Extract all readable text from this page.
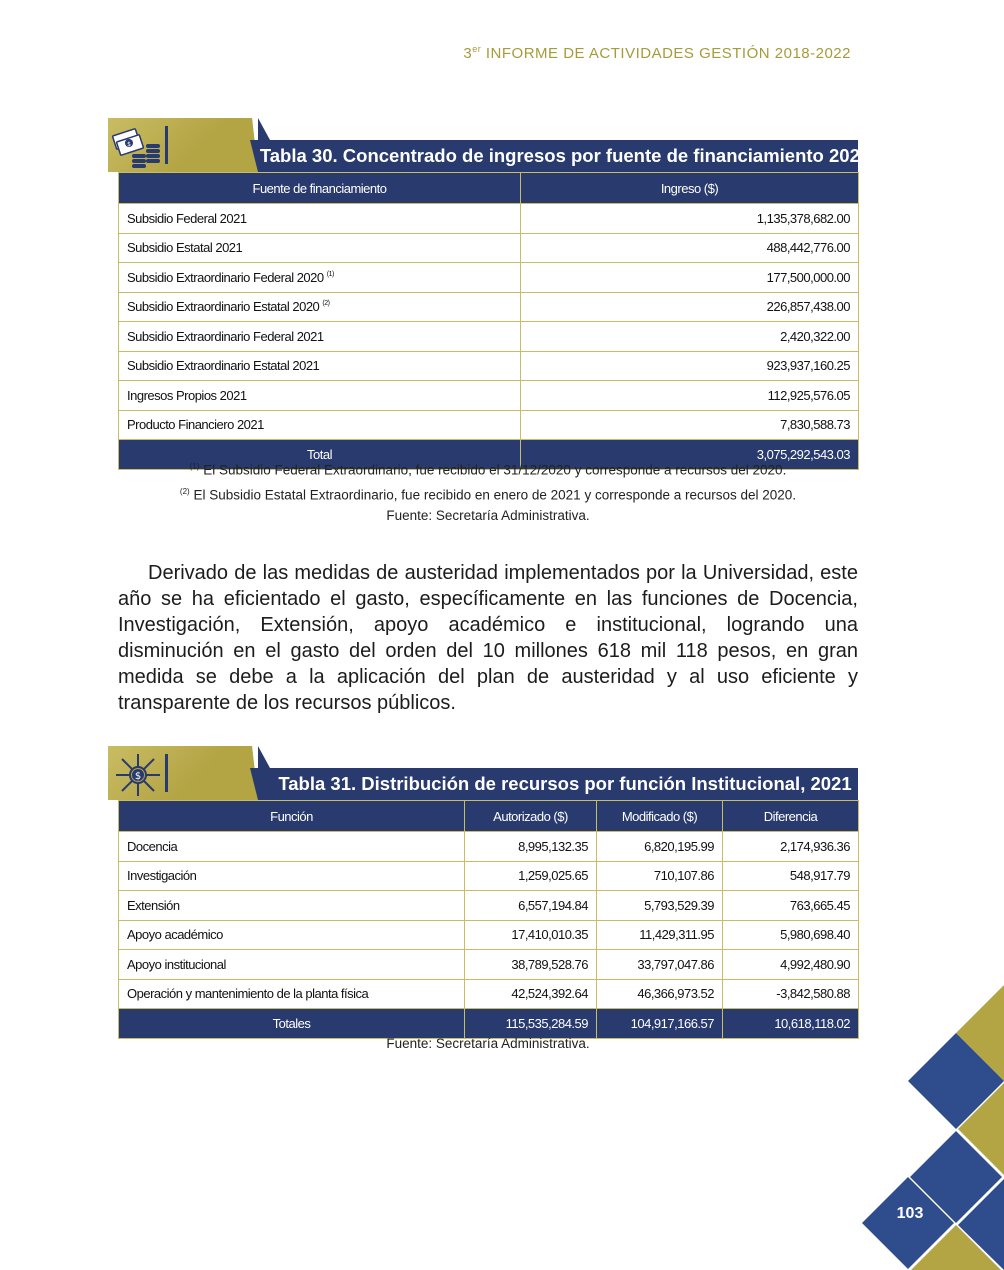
3er INFORME DE ACTIVIDADES GESTIÓN 2018-2022
$
Tabla 30. Concentrado de ingresos por fuente de financiamiento 2021
Fuente de financiamiento	Ingreso ($)
Subsidio Federal 2021	1,135,378,682.00
Subsidio Estatal 2021	488,442,776.00
Subsidio Extraordinario Federal 2020 $^{(1)}$	177,500,000.00
Subsidio Extraordinario Estatal 2020 $^{(2)}$	226,857,438.00
Subsidio Extraordinario Federal 2021	2,420,322.00
Subsidio Extraordinario Estatal 2021	923,937,160.25
Ingresos Propios 2021	112,925,576.05
Producto Financiero 2021	7,830,588.73
Total	3,075,292,543.03
$^{(1)}$ El Subsidio Federal Extraordinario, fue recibido el 31/12/2020 y corresponde a recursos del 2020.
$^{(2)}$ El Subsidio Estatal Extraordinario, fue recibido en enero de 2021 y corresponde a recursos del 2020.
Fuente: Secretaría Administrativa.
Derivado de las medidas de austeridad implementados por la Universidad, este año se ha eficientado el gasto, específicamente en las funciones de Docencia, Investigación, Extensión, apoyo académico e institucional, logrando una disminución en el gasto del orden del 10 millones 618 mil 118 pesos, en gran medida se debe a la aplicación del plan de austeridad y al uso eficiente y transparente de los recursos públicos.
$	Tabla 31. Distribución de recursos por función Institucional, 2021
Función	Autorizado ($)	Modificado ($)	Diferencia
Docencia	8,995,132.35	6,820,195.99	2,174,936.36
Investigación	1,259,025.65	710,107.86	548,917.79
Extensión	6,557,194.84	5,793,529.39	763,665.45
Apoyo académico	17,410,010.35	11,429,311.95	5,980,698.40
Apoyo institucional	38,789,528.76	33,797,047.86	4,992,480.90
Operación y mantenimiento de la planta física	42,524,392.64	46,366,973.52	-3,842,580.88
Totales	115,535,284.59	104,917,166.57	10,618,118.02
Fuente: Secretaría Administrativa.
103
